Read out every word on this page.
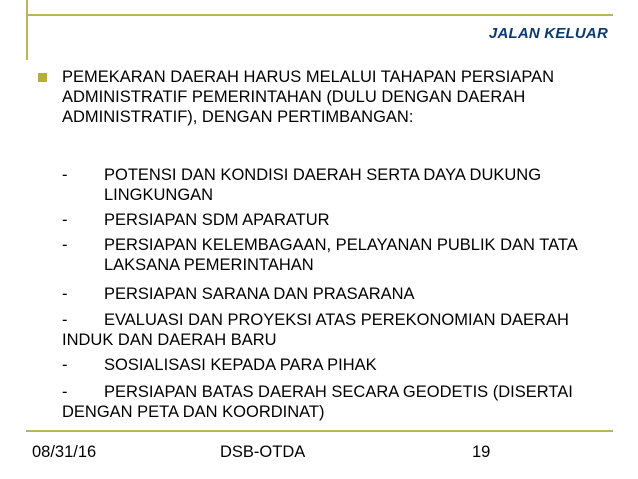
JALAN KELUAR

PEMEKARAN DAERAH HARUS MELALUI TAHAPAN PERSIAPAN ADMINISTRATIF PEMERINTAHAN (DULU DENGAN DAERAH ADMINISTRATIF), DENGAN PERTIMBANGAN:

-	POTENSI DAN KONDISI DAERAH SERTA DAYA DUKUNG LINGKUNGAN
-	PERSIAPAN SDM APARATUR
-	PERSIAPAN KELEMBAGAAN, PELAYANAN PUBLIK DAN TATA LAKSANA PEMERINTAHAN
-	PERSIAPAN SARANA DAN PRASARANA
-	EVALUASI DAN PROYEKSI ATAS PEREKONOMIAN DAERAH INDUK DAN DAERAH BARU
-	SOSIALISASI KEPADA PARA PIHAK
-	PERSIAPAN BATAS DAERAH SECARA GEODETIS (DISERTAI DENGAN PETA DAN KOORDINAT)
08/31/16	DSB-OTDA	19
